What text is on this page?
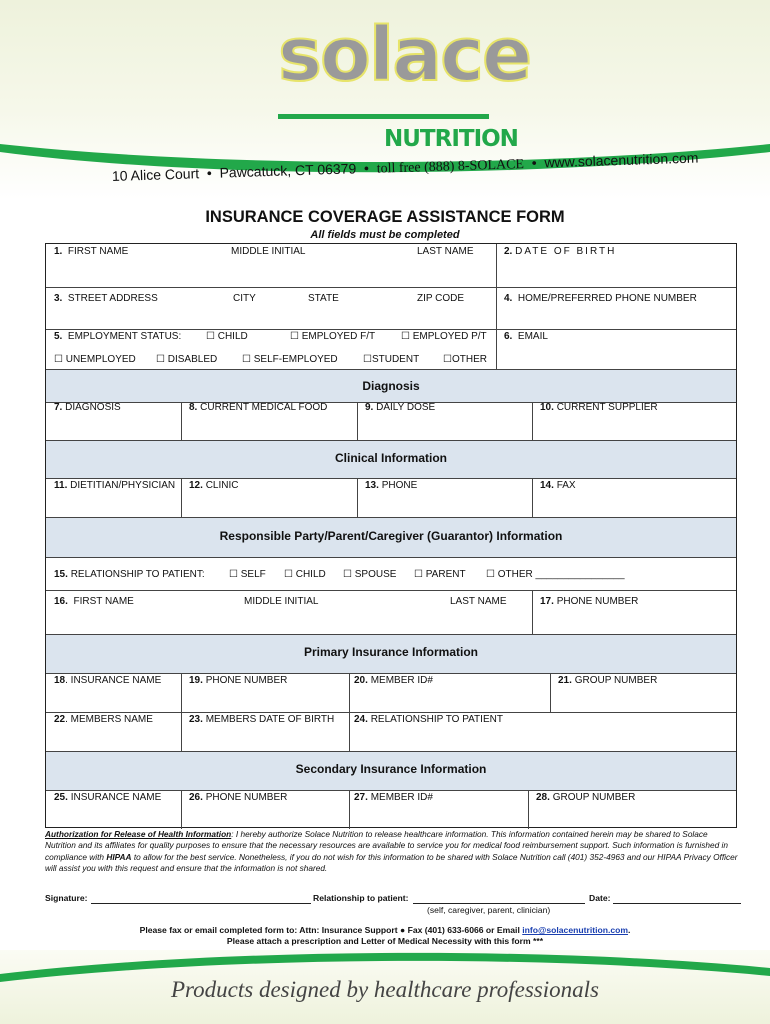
solace
NUTRITION
10 Alice Court  •  Pawcatuck, CT 06379  •  toll free (888) 8-SOLACE  •  www.solacenutrition.com
INSURANCE COVERAGE ASSISTANCE FORM
All fields must be completed
1. FIRST NAME	MIDDLE INITIAL	LAST NAME	2. DATE OF BIRTH
3. STREET ADDRESS	CITY	STATE	ZIP CODE	4. HOME/PREFERRED PHONE NUMBER
5. EMPLOYMENT STATUS: ☐ CHILD	☐ EMPLOYED F/T	☐ EMPLOYED P/T 6. EMAIL
☐ UNEMPLOYED ☐ DISABLED ☐ SELF-EMPLOYED	☐STUDENT ☐OTHER
Diagnosis
7. DIAGNOSIS	8. CURRENT MEDICAL FOOD	9. DAILY DOSE	10. CURRENT SUPPLIER
Clinical Information
11. DIETITIAN/PHYSICIAN 12. CLINIC	13. PHONE	14. FAX
Responsible Party/Parent/Caregiver (Guarantor) Information
15. RELATIONSHIP TO PATIENT: ☐ SELF ☐ CHILD ☐ SPOUSE ☐ PARENT ☐ OTHER ________________
16. FIRST NAME	MIDDLE INITIAL	LAST NAME	17. PHONE NUMBER
Primary Insurance Information
18. INSURANCE NAME	19. PHONE NUMBER	20. MEMBER ID#	21. GROUP NUMBER
22. MEMBERS NAME	23. MEMBERS DATE OF BIRTH 24. RELATIONSHIP TO PATIENT
Secondary Insurance Information
25. INSURANCE NAME	26. PHONE NUMBER	27. MEMBER ID#	28. GROUP NUMBER
Authorization for Release of Health Information: I hereby authorize Solace Nutrition to release healthcare information. This information contained herein may be shared to Solace Nutrition and its affiliates for quality purposes to ensure that the necessary resources are available to service you for medical food reimbursement support. Such information is furnished in compliance with HIPAA to allow for the best service. Nonetheless, if you do not wish for this information to be shared with Solace Nutrition call (401) 352-4963 and our HIPAA Privacy Officer will assist you with this request and ensure that the information is not shared.
Signature:	Relationship to patient:	Date:
(self, caregiver, parent, clinician)
Please fax or email completed form to: Attn: Insurance Support ● Fax (401) 633-6066 or Email info@solacenutrition.com.
Please attach a prescription and Letter of Medical Necessity with this form ***
Products designed by healthcare professionals
